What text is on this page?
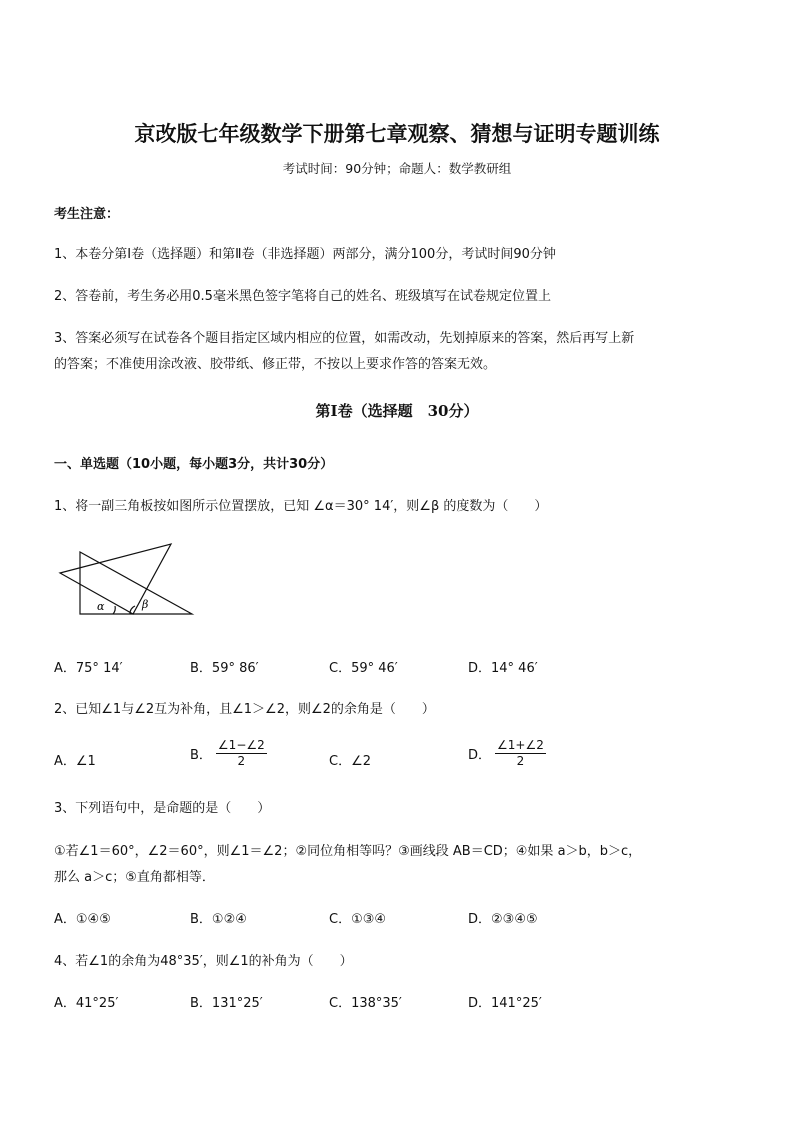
京改版七年级数学下册第七章观察、猜想与证明专题训练
考试时间：90分钟；命题人：数学教研组
考生注意：
1、本卷分第Ⅰ卷（选择题）和第Ⅱ卷（非选择题）两部分，满分100分，考试时间90分钟
2、答卷前，考生务必用0.5毫米黑色签字笔将自己的姓名、班级填写在试卷规定位置上
3、答案必须写在试卷各个题目指定区域内相应的位置，如需改动，先划掉原来的答案，然后再写上新
的答案；不准使用涂改液、胶带纸、修正带，不按以上要求作答的答案无效。
第Ⅰ卷（选择题　30分）
一、单选题（10小题，每小题3分，共计30分）
1、将一副三角板按如图所示位置摆放，已知 ∠α＝30° 14′，则∠β 的度数为（　　）
α	β
A．75° 14′	B．59° 86′	C．59° 46′	D．14° 46′
2、已知∠1与∠2互为补角，且∠1＞∠2，则∠2的余角是（　　）
A．∠1	B． $\frac{\angle 1-\angle 2}{2}$	C．∠2	D． $\frac{\angle 1+\angle 2}{2}$
3、下列语句中，是命题的是（　　）
①若∠1＝60°，∠2＝60°，则∠1＝∠2；②同位角相等吗？③画线段 AB＝CD；④如果 a＞b，b＞c，
那么 a＞c；⑤直角都相等．
A．①④⑤	B．①②④	C．①③④	D．②③④⑤
4、若∠1的余角为48°35′，则∠1的补角为（　　）
A．41°25′	B．131°25′	C．138°35′	D．141°25′
